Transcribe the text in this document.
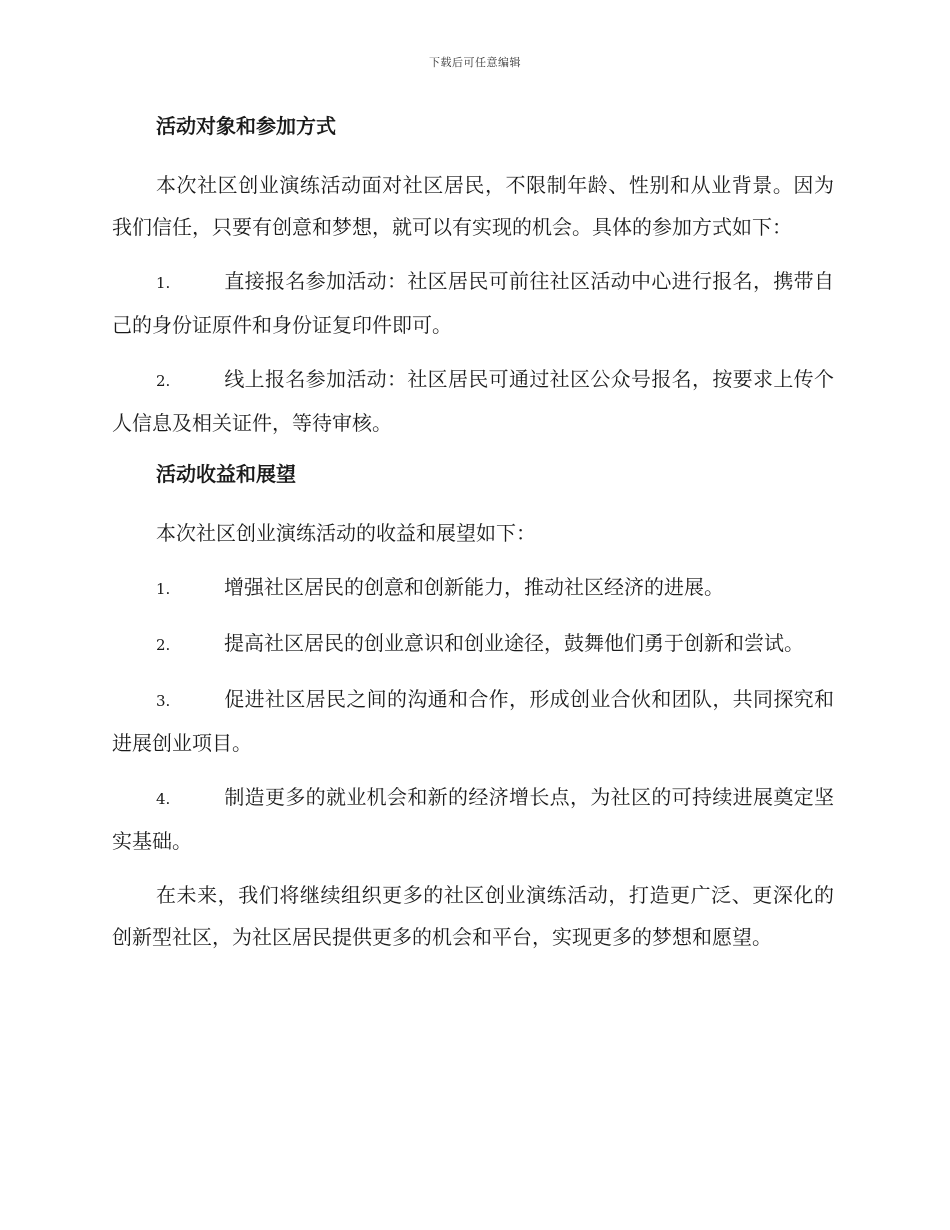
下载后可任意编辑
活动对象和参加方式

本次社区创业演练活动面对社区居民，不限制年龄、性别和从业背景。因为我们信任，只要有创意和梦想，就可以有实现的机会。具体的参加方式如下：

1.	直接报名参加活动：社区居民可前往社区活动中心进行报名，携带自己的身份证原件和身份证复印件即可。

2.	线上报名参加活动：社区居民可通过社区公众号报名，按要求上传个人信息及相关证件，等待审核。

活动收益和展望

本次社区创业演练活动的收益和展望如下：

1.	增强社区居民的创意和创新能力，推动社区经济的进展。

2.	提高社区居民的创业意识和创业途径，鼓舞他们勇于创新和尝试。

3.	促进社区居民之间的沟通和合作，形成创业合伙和团队，共同探究和进展创业项目。

4.	制造更多的就业机会和新的经济增长点，为社区的可持续进展奠定坚实基础。

在未来，我们将继续组织更多的社区创业演练活动，打造更广泛、更深化的创新型社区，为社区居民提供更多的机会和平台，实现更多的梦想和愿望。
